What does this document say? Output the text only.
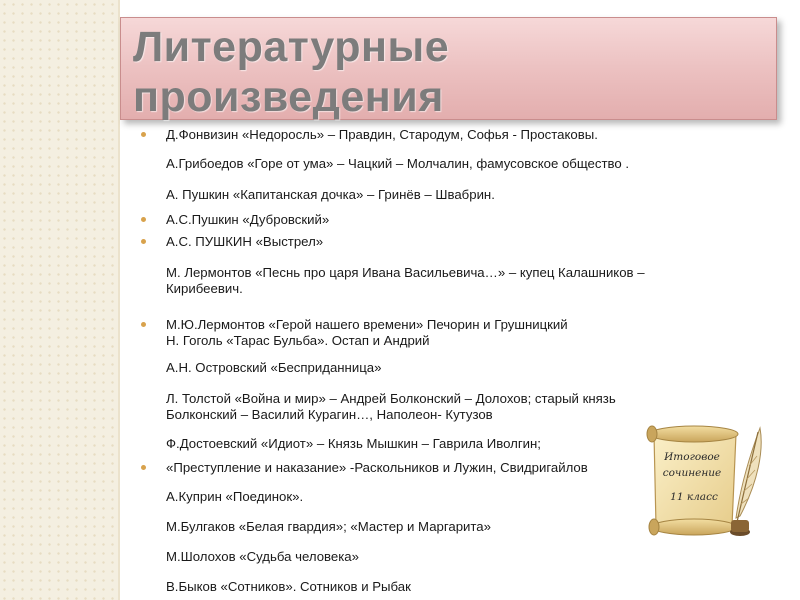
Литературные
произведения
Д.Фонвизин «Недоросль» – Правдин, Стародум, Софья - Простаковы.
А.Грибоедов «Горе от ума» – Чацкий – Молчалин, фамусовское общество .
А. Пушкин «Капитанская дочка» – Гринёв – Швабрин.
А.С.Пушкин «Дубровский»
А.С. ПУШКИН «Выстрел»
М. Лермонтов «Песнь про царя Ивана Васильевича…» – купец Калашников –
Кирибеевич.
М.Ю.Лермонтов «Герой нашего времени» Печорин и Грушницкий
Н. Гоголь «Тарас Бульба». Остап и Андрий
А.Н. Островский «Бесприданница»
Л. Толстой «Война и мир» – Андрей Болконский – Долохов; старый князь
Болконский – Василий Курагин…, Наполеон- Кутузов
Ф.Достоевский «Идиот» – Князь Мышкин – Гаврила Иволгин;
«Преступление и наказание» -Раскольников и Лужин, Свидригайлов
А.Куприн «Поединок».
М.Булгаков «Белая гвардия»; «Мастер и Маргарита»
М.Шолохов «Судьба человека»
В.Быков «Сотников». Сотников и Рыбак
Итоговое
сочинение
11 класс
